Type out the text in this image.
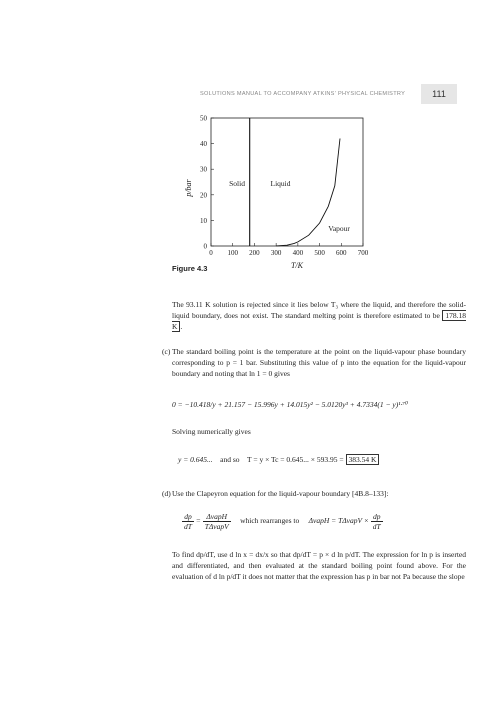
SOLUTIONS MANUAL TO ACCOMPANY ATKINS' PHYSICAL CHEMISTRY	111
0 100 200 300 400 500 600 700
0
10
20
30
40
50
Solid	Liquid
Vapour
T/K
p/bar
Figure 4.3
The 93.11 K solution is rejected since it lies below T₃ where the liquid, and therefore the solid-liquid boundary, does not exist. The standard melting point is therefore estimated to be 178.18 K .
(c) The standard boiling point is the temperature at the point on the liquid-vapour phase boundary corresponding to p = 1 bar. Substituting this value of p into the equation for the liquid-vapour boundary and noting that ln 1 = 0 gives
0 = −10.418/y + 21.157 − 15.996y + 14.015y² − 5.0120y³ + 4.7334(1 − y)¹·⁷⁰
Solving numerically gives
y = 0.645... and so T = y × Tc = 0.645... × 593.95 = 383.54 K
(d) Use the Clapeyron equation for the liquid-vapour boundary [4B.8–133]:
$\frac{dp}{dT} = \frac{\text{ΔvapH}}{\text{TΔvapV}}$ which rearranges to ΔvapH = TΔvapV × $\frac{dp}{dT}$
To find dp/dT, use d ln x = dx/x so that dp/dT = p × d ln p/dT. The expression for ln p is inserted and differentiated, and then evaluated at the standard boiling point found above. For the evaluation of d ln p/dT it does not matter that the expression has p in bar not Pa because the slope
